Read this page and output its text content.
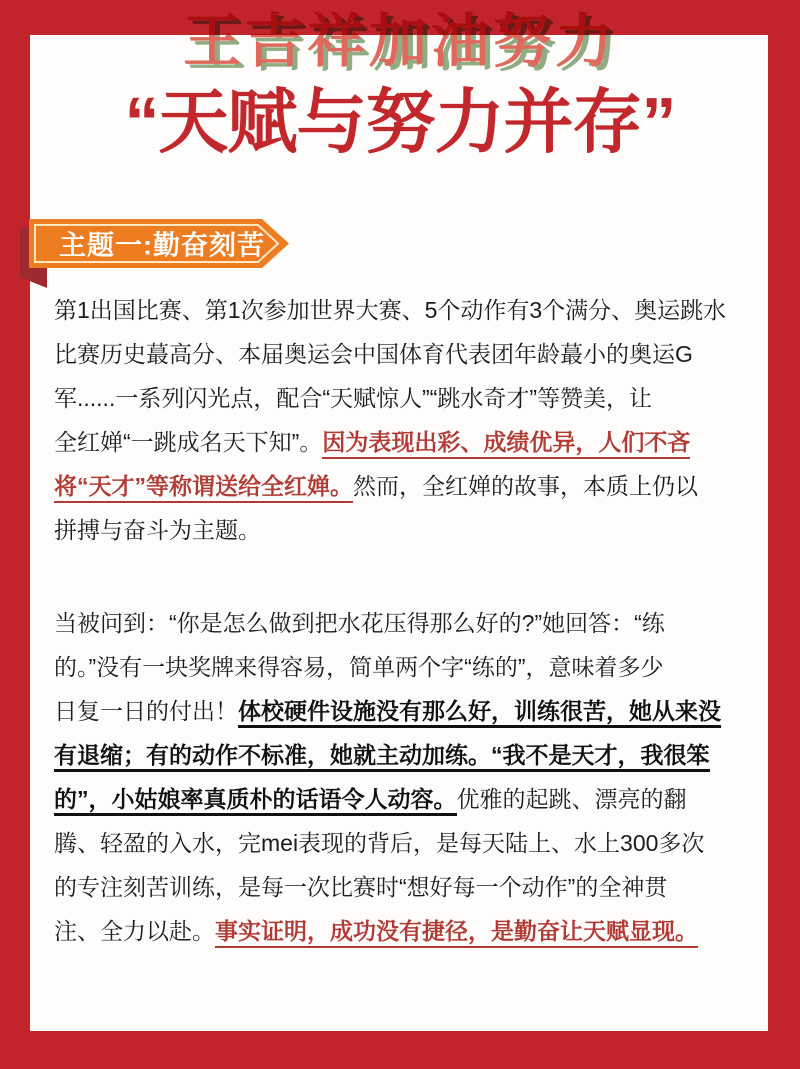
王吉祥加油努力
“天赋与努力并存”
主题一:勤奋刻苦
第1出国比赛、第1次参加世界大赛、5个动作有3个满分、奥运跳水
比赛历史蕞高分、本届奥运会中国体育代表团年龄蕞小的奥运G
军......一系列闪光点，配合“天赋惊人”“跳水奇才”等赞美，让
全红婵“一跳成名天下知”。因为表现出彩、成绩优异，人们不吝
将“天才”等称谓送给全红婵。然而，全红婵的故事，本质上仍以
拼搏与奋斗为主题。
当被问到：“你是怎么做到把水花压得那么好的?”她回答：“练
的。”没有一块奖牌来得容易，简单两个字“练的”，意味着多少
日复一日的付出！体校硬件设施没有那么好，训练很苦，她从来没
有退缩；有的动作不标准，她就主动加练。“我不是天才，我很笨
的”，小姑娘率真质朴的话语令人动容。优雅的起跳、漂亮的翻
腾、轻盈的入水，完mei表现的背后，是每天陆上、水上300多次
的专注刻苦训练，是每一次比赛时“想好每一个动作”的全神贯
注、全力以赴。事实证明，成功没有捷径，是勤奋让天赋显现。
